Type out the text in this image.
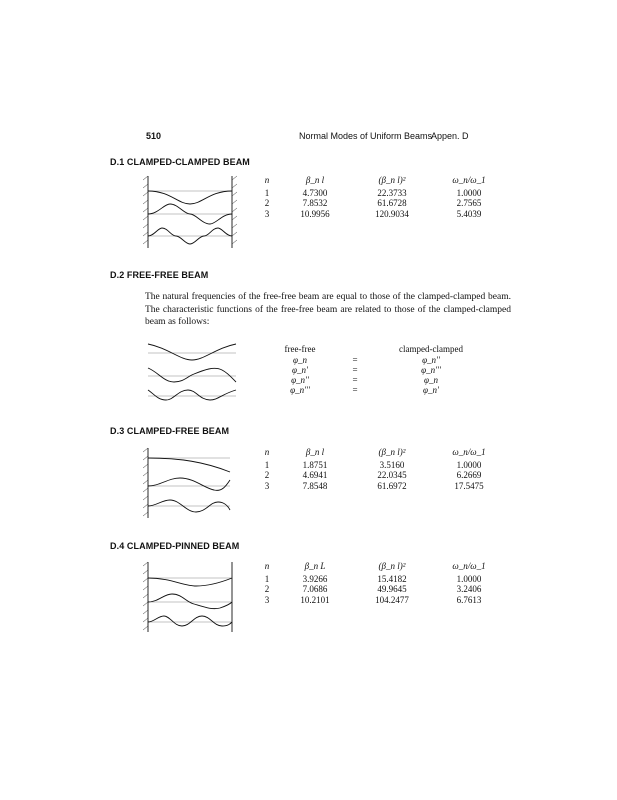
510	Normal Modes of Uniform Beams
Appen. D
D.1 CLAMPED-CLAMPED BEAM
n	β_n l	(β_n l)²	ω_n/ω_1
1	4.7300	22.3733	1.0000
2	7.8532	61.6728	2.7565
3	10.9956	120.9034	5.4039
D.2 FREE-FREE BEAM
The natural frequencies of the free-free beam are equal to those of the clamped-clamped beam. The characteristic functions of the free-free beam are related to those of the clamped-clamped beam as follows:
free-free		clamped-clamped
φ_n	=	φ_n''
φ_n'	=	φ_n'''
φ_n''	=	φ_n
φ_n'''	=	φ_n'
D.3 CLAMPED-FREE BEAM
n	β_n l	(β_n l)²	ω_n/ω_1
1	1.8751	3.5160	1.0000
2	4.6941	22.0345	6.2669
3	7.8548	61.6972	17.5475
D.4 CLAMPED-PINNED BEAM
n	β_n L	(β_n l)²	ω_n/ω_1
1	3.9266	15.4182	1.0000
2	7.0686	49.9645	3.2406
3	10.2101	104.2477	6.7613
